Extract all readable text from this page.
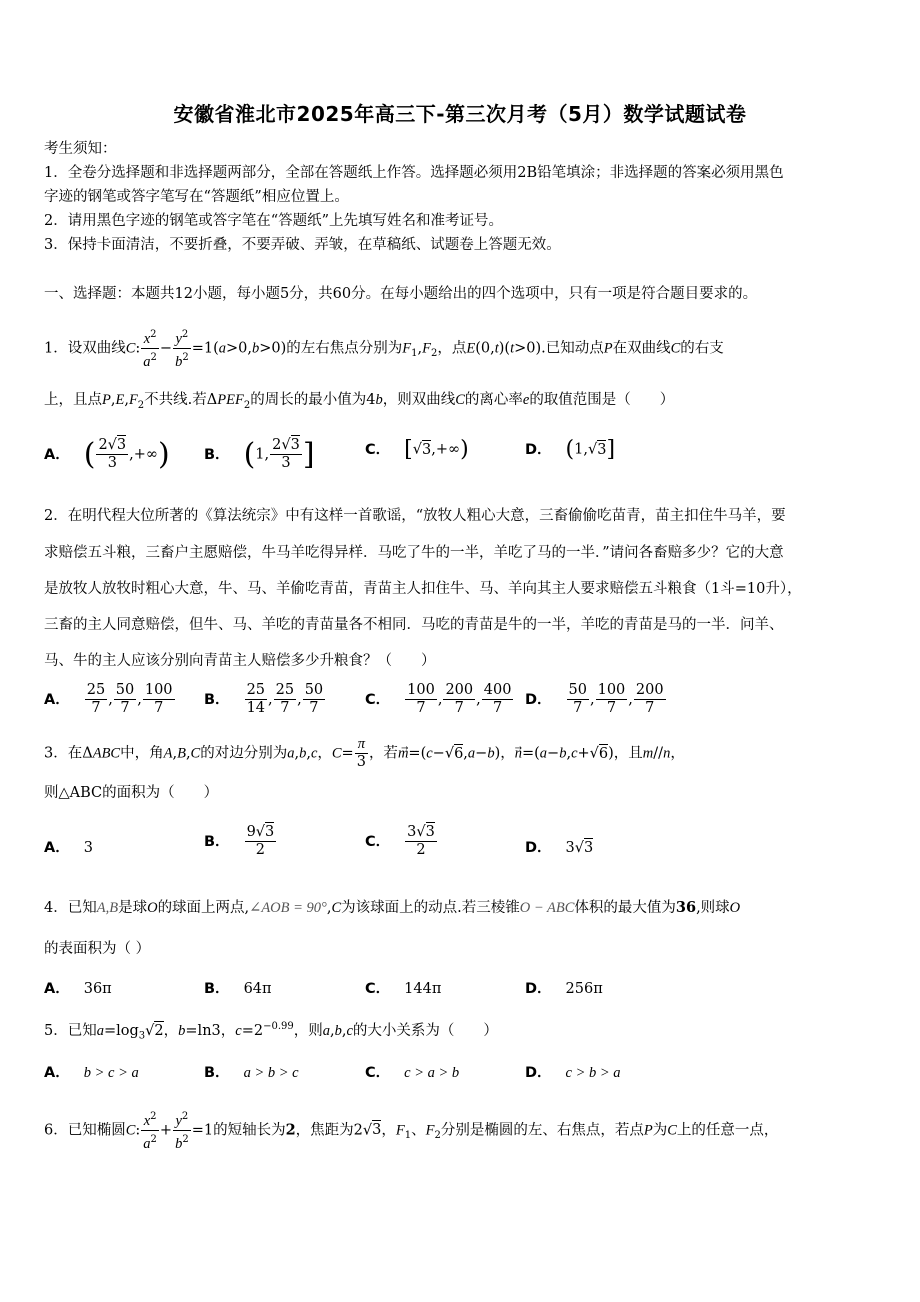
安徽省淮北市2025年高三下-第三次月考（5月）数学试题试卷
考生须知：
1．全卷分选择题和非选择题两部分，全部在答题纸上作答。选择题必须用2B铅笔填涂；非选择题的答案必须用黑色
字迹的钢笔或答字笔写在“答题纸”相应位置上。
2．请用黑色字迹的钢笔或答字笔在“答题纸”上先填写姓名和准考证号。
3．保持卡面清洁，不要折叠，不要弄破、弄皱，在草稿纸、试题卷上答题无效。
一、选择题：本题共12小题，每小题5分，共60分。在每小题给出的四个选项中，只有一项是符合题目要求的。
1．设双曲线C: $\frac{x^2}{a^2} - \frac{y^2}{b^2} =1(a>0,b>0)$的左右焦点分别为$F_1,F_2$，点E(0,t)(t>0).已知动点P在双曲线C的右支
上，且点$P,E,F_2$不共线.若$\Delta PEF_2$的周长的最小值为4b，则双曲线C的离心率e的取值范围是（　　）
A． ( $\frac{2√3}{3}$ ,+∞) B． (1, $\frac{2√3}{3}$ ]	C． [√3,+∞)	D． (1,√3]
2．在明代程大位所著的《算法统宗》中有这样一首歌谣，“放牧人粗心大意，三畜偷偷吃苗青，苗主扣住牛马羊，要
求赔偿五斗粮，三畜户主愿赔偿，牛马羊吃得异样．马吃了牛的一半，羊吃了马的一半．”请问各畜赔多少？它的大意
是放牧人放牧时粗心大意，牛、马、羊偷吃青苗，青苗主人扣住牛、马、羊向其主人要求赔偿五斗粮食（1斗=10升），
三畜的主人同意赔偿，但牛、马、羊吃的青苗量各不相同．马吃的青苗是牛的一半，羊吃的青苗是马的一半．问羊、
马、牛的主人应该分别向青苗主人赔偿多少升粮食？（　　）
A． $\frac{25}{7}$ , $\frac{50}{7}$ , $\frac{100}{7}$ B． $\frac{25}{14}$ , $\frac{25}{7}$ , $\frac{50}{7}$	C． $\frac{100}{7}$ , $\frac{200}{7}$ , $\frac{400}{7}$ D． $\frac{50}{7}$ , $\frac{100}{7}$ , $\frac{200}{7}$
3．在ΔABC中，角A,B,C的对边分别为a,b,c，$C= \frac{\pi}{3}$ ，若m⃗=(c−√6,a−b)，n⃗=(a−b,c+√6)，且m//n，
则△ABC的面积为（　　）
A． 3	B． $\frac{9√3}{2}$	C． $\frac{3√3}{2}$	D． 3√3
4．已知A,B是球O的球面上两点,∠AOB = 90°,C为该球面上的动点.若三棱锥O − ABC体积的最大值为36,则球O
的表面积为（ ）
A． 36π	B． 64π	C． 144π	D． 256π
5．已知$a=\log_3√2$，b=ln3，$c=2^{-0.99}$，则a,b,c的大小关系为（　　）
A． b > c > a	B． a > b > c	C． c > a > b	D． c > b > a
6．已知椭圆C: $\frac{x^2}{a^2} + \frac{y^2}{b^2} =1$的短轴长为2，焦距为2√3，$F_1$、$F_2$分别是椭圆的左、右焦点，若点P为C上的任意一点，
